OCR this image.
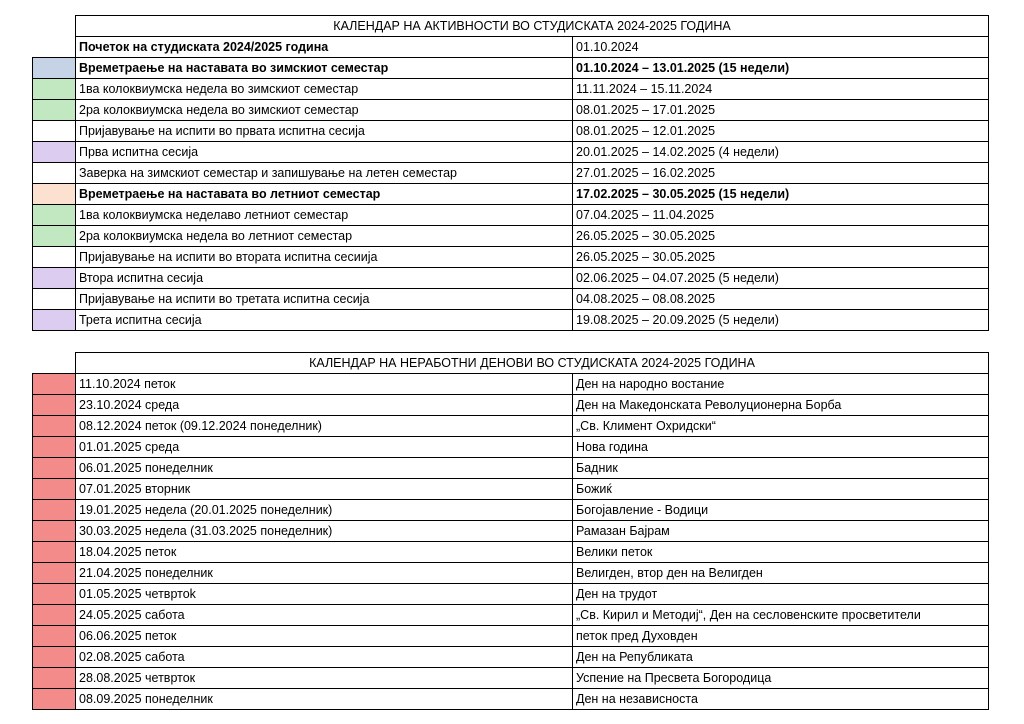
	КАЛЕНДАР НА АКТИВНОСТИ ВО СТУДИСКАТА 2024-2025 ГОДИНА	
	Почеток на студиската 2024/2025 година	01.10.2024
	Времетраење на наставата во зимскиот семестар	01.10.2024 – 13.01.2025 (15 недели)
	1ва колоквиумска недела во зимскиот семестар	11.11.2024 – 15.11.2024
	2ра колоквиумска недела во зимскиот семестар	08.01.2025 – 17.01.2025
	Пријавување на испити во првата испитна сесија	08.01.2025 – 12.01.2025
	Прва испитна сесија	20.01.2025 – 14.02.2025 (4 недели)
	Заверка на зимскиот семестар и запишување на летен семестар	27.01.2025 – 16.02.2025
	Времетраење на наставата во летниот семестар	17.02.2025 – 30.05.2025 (15 недели)
	1ва колоквиумска неделаво летниот семестар	07.04.2025 – 11.04.2025
	2ра колоквиумска недела во летниот семестар	26.05.2025 – 30.05.2025
	Пријавување на испити во втората испитна сесиија	26.05.2025 – 30.05.2025
	Втора испитна сесија	02.06.2025 – 04.07.2025 (5 недели)
	Пријавување на испити во третата испитна сесија	04.08.2025 – 08.08.2025
	Трета испитна сесија	19.08.2025 – 20.09.2025 (5 недели)
	КАЛЕНДАР НА НЕРАБОТНИ ДЕНОВИ ВО СТУДИСКАТА 2024-2025 ГОДИНА	
	11.10.2024 петок	Ден на народно востание
	23.10.2024 среда	Ден на Македонската Револуционерна Борба
	08.12.2024 петок (09.12.2024 понеделник)	„Св. Климент Охридски“
	01.01.2025 среда	Нова година
	06.01.2025 понеделник	Бадник
	07.01.2025 вторник	Божиќ
	19.01.2025 недела (20.01.2025 понеделник)	Богојавление - Водици
	30.03.2025 недела (31.03.2025 понеделник)	Рамазан Бајрам
	18.04.2025 петок	Велики петок
	21.04.2025 понеделник	Велигден, втор ден на Велигден
	01.05.2025 четвртоk	Ден на трудот
	24.05.2025 сабота	„Св. Кирил и Методиј“, Ден на сесловенските просветители
	06.06.2025 петок	петок пред Духовден
	02.08.2025 сабота	Ден на Републиката
	28.08.2025 четврток	Успение на Пресвета Богородица
	08.09.2025 понеделник	Ден на независноста
